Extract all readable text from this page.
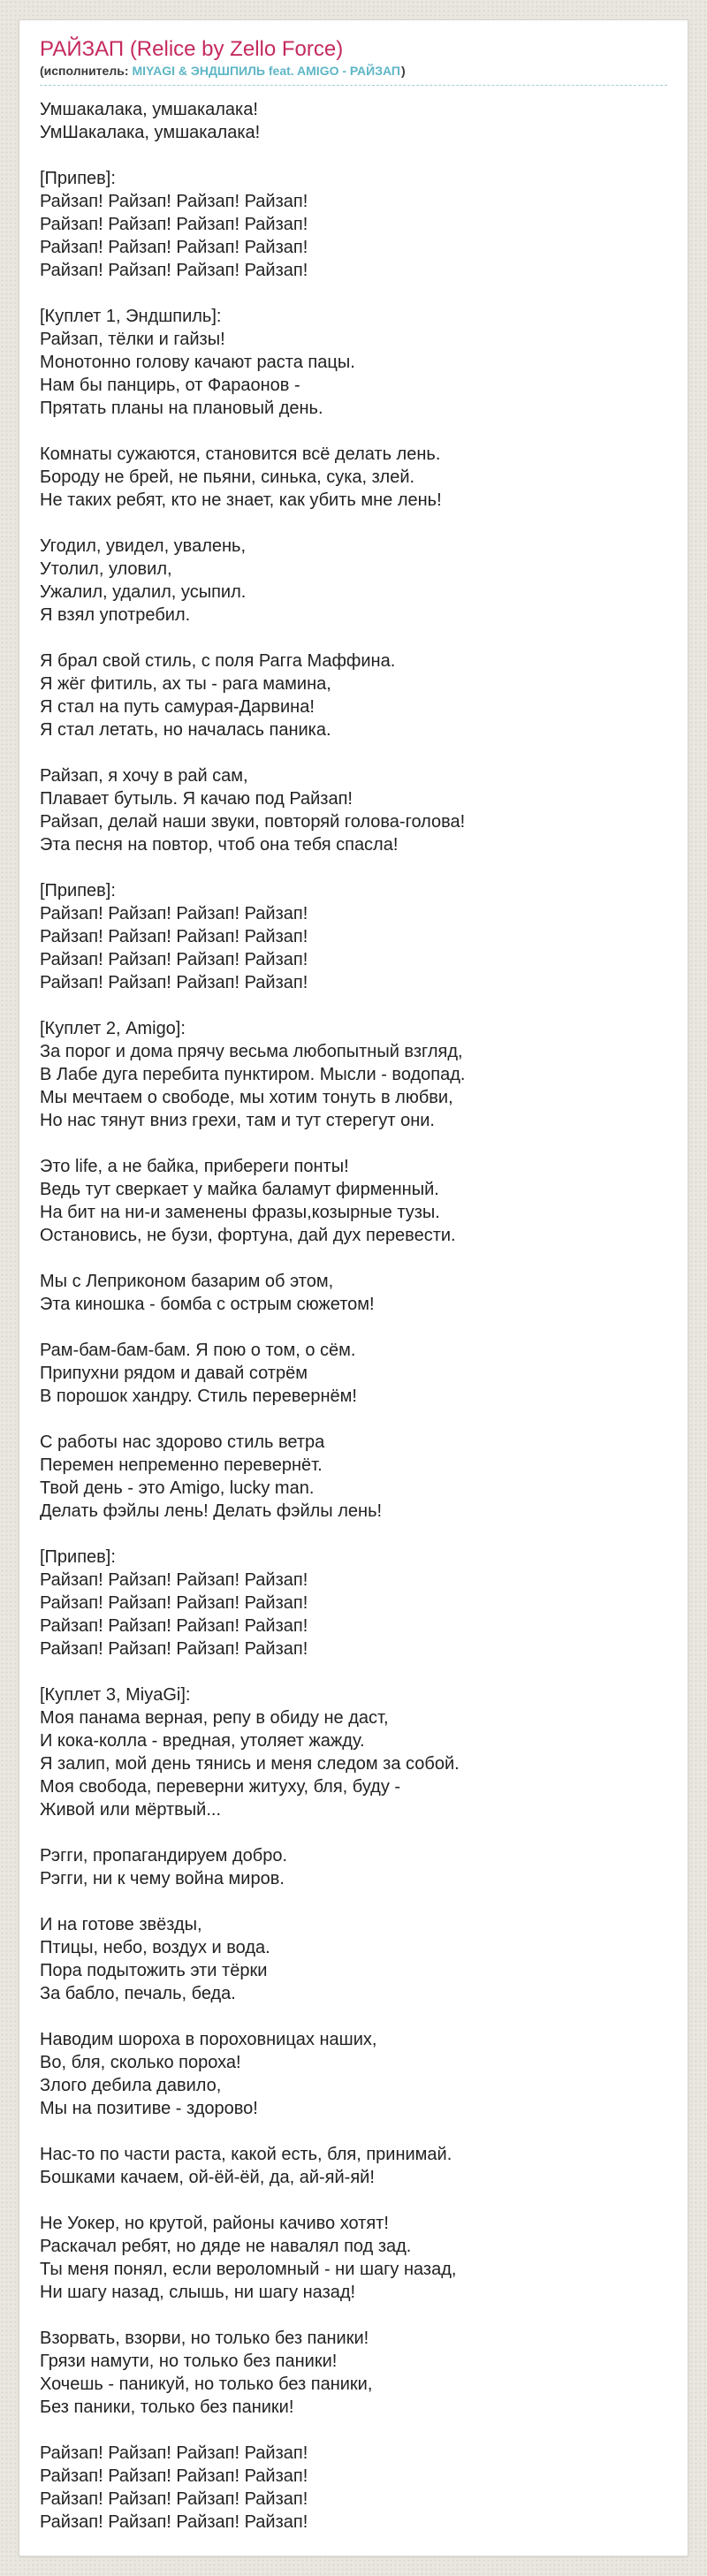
РАЙЗАП (Relice by Zello Force)
(исполнитель: MIYAGI & ЭНДШПИЛЬ feat. AMIGO - РАЙЗАП)
Умшакалака, умшакалака!
УмШакалака, умшакалака!
[Припев]:
Райзап! Райзап! Райзап! Райзап!
Райзап! Райзап! Райзап! Райзап!
Райзап! Райзап! Райзап! Райзап!
Райзап! Райзап! Райзап! Райзап!
[Куплет 1, Эндшпиль]:
Райзап, тёлки и гайзы!
Монотонно голову качают раста пацы.
Нам бы панцирь, от Фараонов -
Прятать планы на плановый день.
Комнаты сужаются, становится всё делать лень.
Бороду не брей, не пьяни, синька, сука, злей.
Не таких ребят, кто не знает, как убить мне лень!
Угодил, увидел, увалень,
Утолил, уловил,
Ужалил, удалил, усыпил.
Я взял употребил.
Я брал свой стиль, с поля Рагга Маффина.
Я жёг фитиль, ах ты - рага мамина,
Я стал на путь самурая-Дарвина!
Я стал летать, но началась паника.
Райзап, я хочу в рай сам,
Плавает бутыль. Я качаю под Райзап!
Райзап, делай наши звуки, повторяй голова-голова!
Эта песня на повтор, чтоб она тебя спасла!
[Припев]:
Райзап! Райзап! Райзап! Райзап!
Райзап! Райзап! Райзап! Райзап!
Райзап! Райзап! Райзап! Райзап!
Райзап! Райзап! Райзап! Райзап!
[Куплет 2, Amigo]:
За порог и дома прячу весьма любопытный взгляд,
В Лабе дуга перебита пунктиром. Мысли - водопад.
Мы мечтаем о свободе, мы хотим тонуть в любви,
Но нас тянут вниз грехи, там и тут стерегут они.
Это life, а не байка, прибереги понты!
Ведь тут сверкает у майка баламут фирменный.
На бит на ни-и заменены фразы,козырные тузы.
Остановись, не бузи, фортуна, дай дух перевести.
Мы с Леприконом базарим об этом,
Эта киношка - бомба с острым сюжетом!
Рам-бам-бам-бам. Я пою о том, о сём.
Припухни рядом и давай сотрём
В порошок хандру. Стиль перевернём!
С работы нас здорово стиль ветра
Перемен непременно перевернёт.
Твой день - это Amigo, lucky man.
Делать фэйлы лень! Делать фэйлы лень!
[Припев]:
Райзап! Райзап! Райзап! Райзап!
Райзап! Райзап! Райзап! Райзап!
Райзап! Райзап! Райзап! Райзап!
Райзап! Райзап! Райзап! Райзап!
[Куплет 3, MiyaGi]:
Моя панама верная, репу в обиду не даст,
И кока-колла - вредная, утоляет жажду.
Я залип, мой день тянись и меня следом за собой.
Моя свобода, переверни житуху, бля, буду -
Живой или мёртвый...
Рэгги, пропагандируем добро.
Рэгги, ни к чему война миров.
И на готове звёзды,
Птицы, небо, воздух и вода.
Пора подытожить эти тёрки
За бабло, печаль, беда.
Наводим шороха в пороховницах наших,
Во, бля, сколько пороха!
Злого дебила давило,
Мы на позитиве - здорово!
Нас-то по части раста, какой есть, бля, принимай.
Бошками качаем, ой-ёй-ёй, да, ай-яй-яй!
Не Уокер, но крутой, районы качиво хотят!
Раскачал ребят, но дяде не навалял под зад.
Ты меня понял, если вероломный - ни шагу назад,
Ни шагу назад, слышь, ни шагу назад!
Взорвать, взорви, но только без паники!
Грязи намути, но только без паники!
Хочешь - паникуй, но только без паники,
Без паники, только без паники!
Райзап! Райзап! Райзап! Райзап!
Райзап! Райзап! Райзап! Райзап!
Райзап! Райзап! Райзап! Райзап!
Райзап! Райзап! Райзап! Райзап!
